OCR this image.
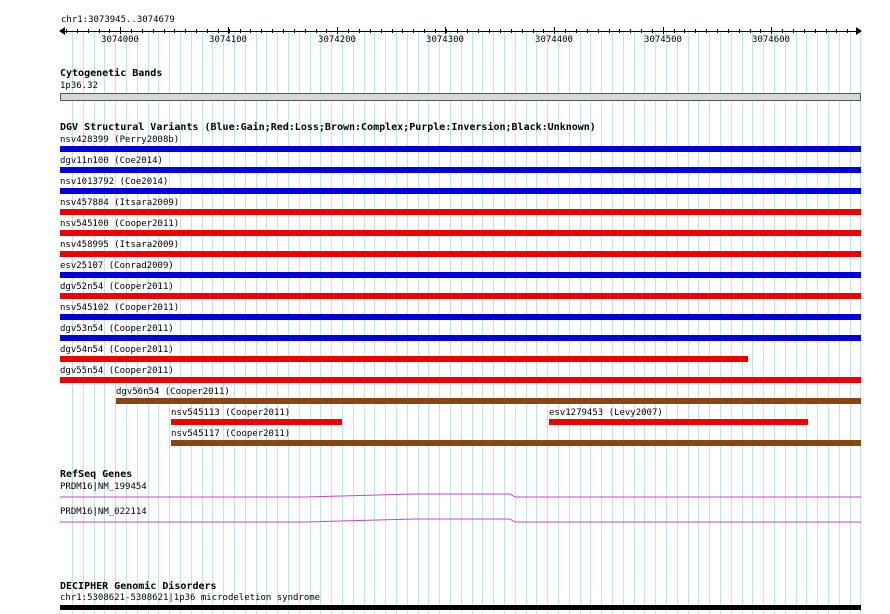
chr1:3073945..3074679
3074000	3074100	3074200	3074300	3074400	3074500	3074600
Cytogenetic Bands
1p36.32
DGV Structural Variants (Blue:Gain;Red:Loss;Brown:Complex;Purple:Inversion;Black:Unknown)
nsv428399 (Perry2008b)
dgv11n100 (Coe2014)
nsv1013792 (Coe2014)
nsv457884 (Itsara2009)
nsv545100 (Cooper2011)
nsv458995 (Itsara2009)
esv25107 (Conrad2009)
dgv52n54 (Cooper2011)
nsv545102 (Cooper2011)
dgv53n54 (Cooper2011)
dgv54n54 (Cooper2011)
dgv55n54 (Cooper2011)
dgv56n54 (Cooper2011)
nsv545113 (Cooper2011)	esv1279453 (Levy2007)
nsv545117 (Cooper2011)
RefSeq Genes
PRDM16|NM_199454
PRDM16|NM_022114
DECIPHER Genomic Disorders
chr1:5308621-5308621|1p36 microdeletion syndrome
